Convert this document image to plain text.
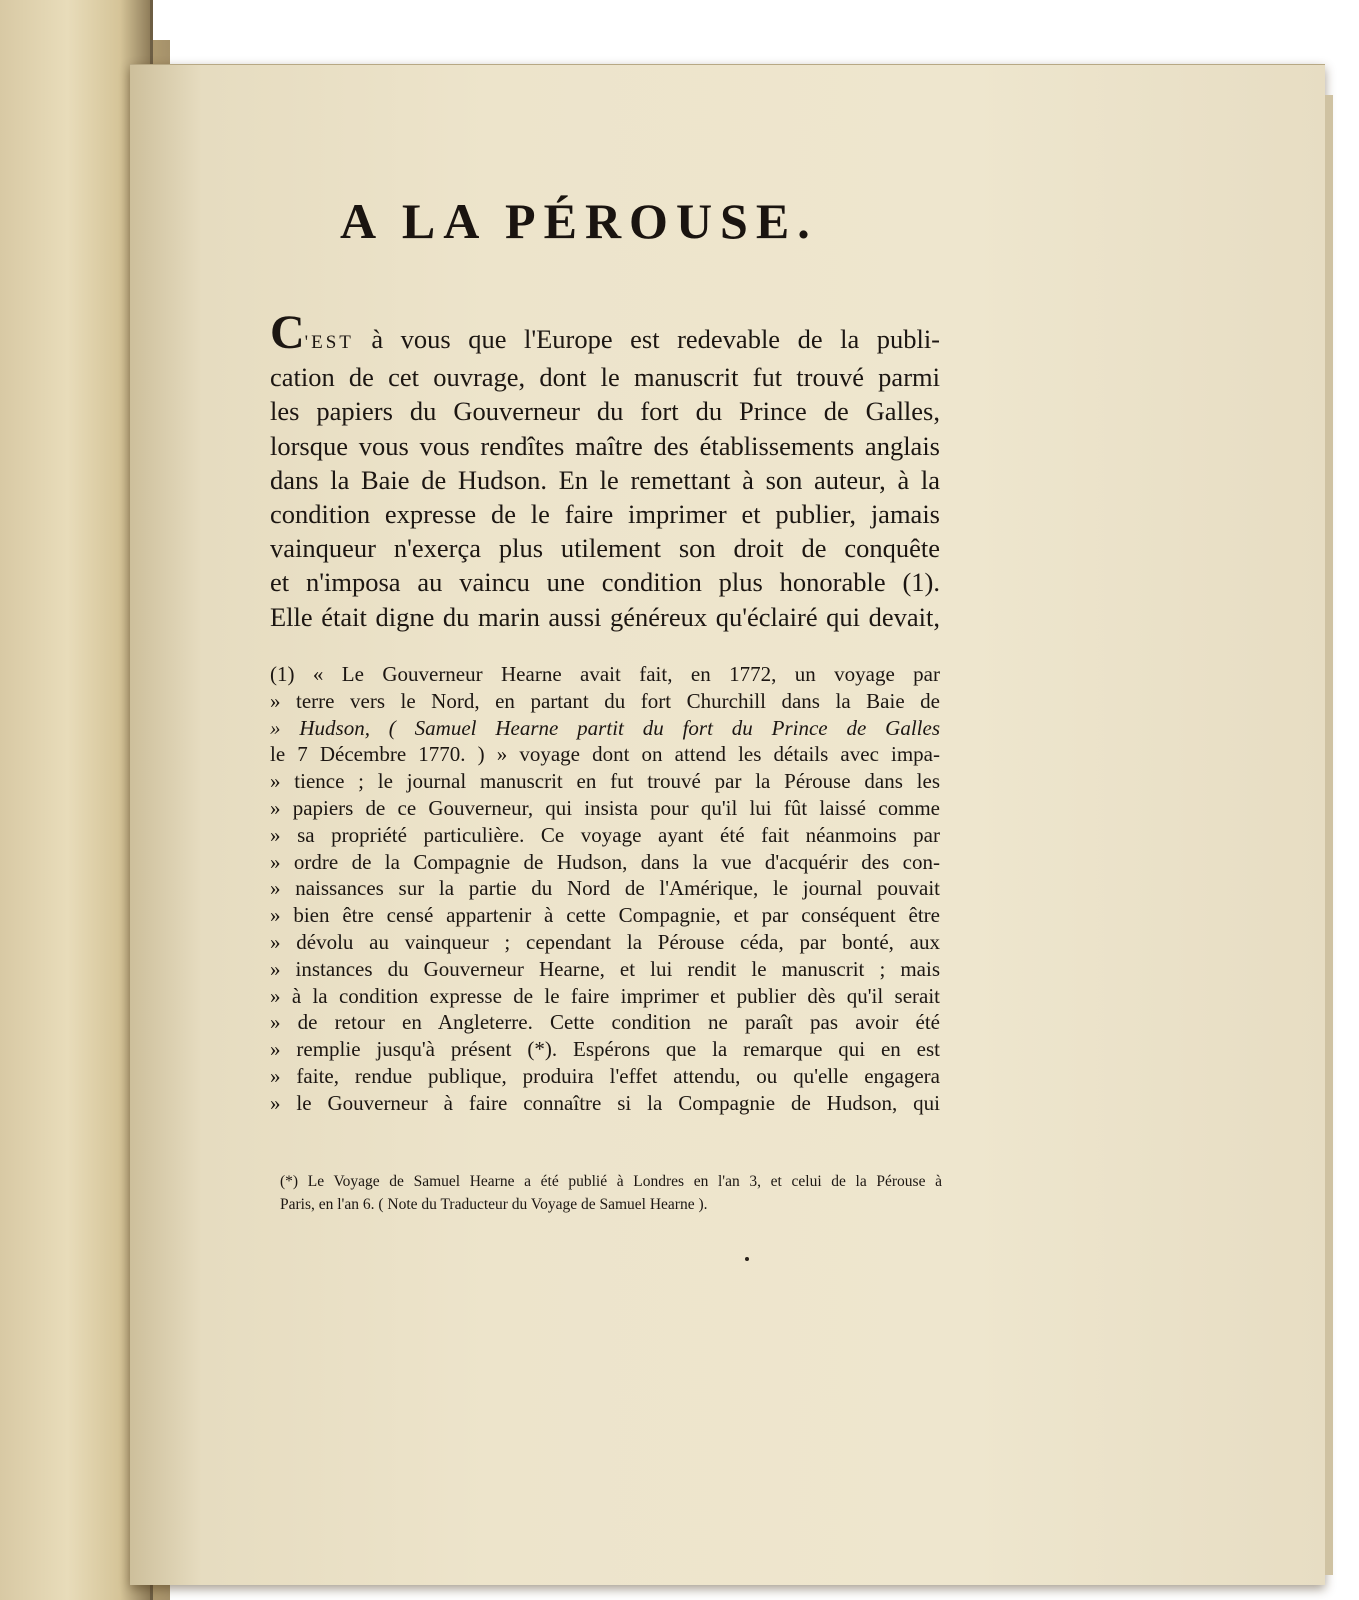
A LA PÉROUSE.
C'EST à vous que l'Europe est redevable de la publi-
cation de cet ouvrage, dont le manuscrit fut trouvé parmi
les papiers du Gouverneur du fort du Prince de Galles,
lorsque vous vous rendîtes maître des établissements anglais
dans la Baie de Hudson. En le remettant à son auteur, à la
condition expresse de le faire imprimer et publier, jamais
vainqueur n'exerça plus utilement son droit de conquête
et n'imposa au vaincu une condition plus honorable (1).
Elle était digne du marin aussi généreux qu'éclairé qui devait,
(1) « Le Gouverneur Hearne avait fait, en 1772, un voyage par
» terre vers le Nord, en partant du fort Churchill dans la Baie de
» Hudson, ( Samuel Hearne partit du fort du Prince de Galles
le 7 Décembre 1770. ) » voyage dont on attend les détails avec impa-
» tience ; le journal manuscrit en fut trouvé par la Pérouse dans les
» papiers de ce Gouverneur, qui insista pour qu'il lui fût laissé comme
» sa propriété particulière. Ce voyage ayant été fait néanmoins par
» ordre de la Compagnie de Hudson, dans la vue d'acquérir des con-
» naissances sur la partie du Nord de l'Amérique, le journal pouvait
» bien être censé appartenir à cette Compagnie, et par conséquent être
» dévolu au vainqueur ; cependant la Pérouse céda, par bonté, aux
» instances du Gouverneur Hearne, et lui rendit le manuscrit ; mais
» à la condition expresse de le faire imprimer et publier dès qu'il serait
» de retour en Angleterre. Cette condition ne paraît pas avoir été
» remplie jusqu'à présent (*). Espérons que la remarque qui en est
» faite, rendue publique, produira l'effet attendu, ou qu'elle engagera
» le Gouverneur à faire connaître si la Compagnie de Hudson, qui
(*) Le Voyage de Samuel Hearne a été publié à Londres en l'an 3, et celui de la Pérouse à
Paris, en l'an 6. ( Note du Traducteur du Voyage de Samuel Hearne ).
